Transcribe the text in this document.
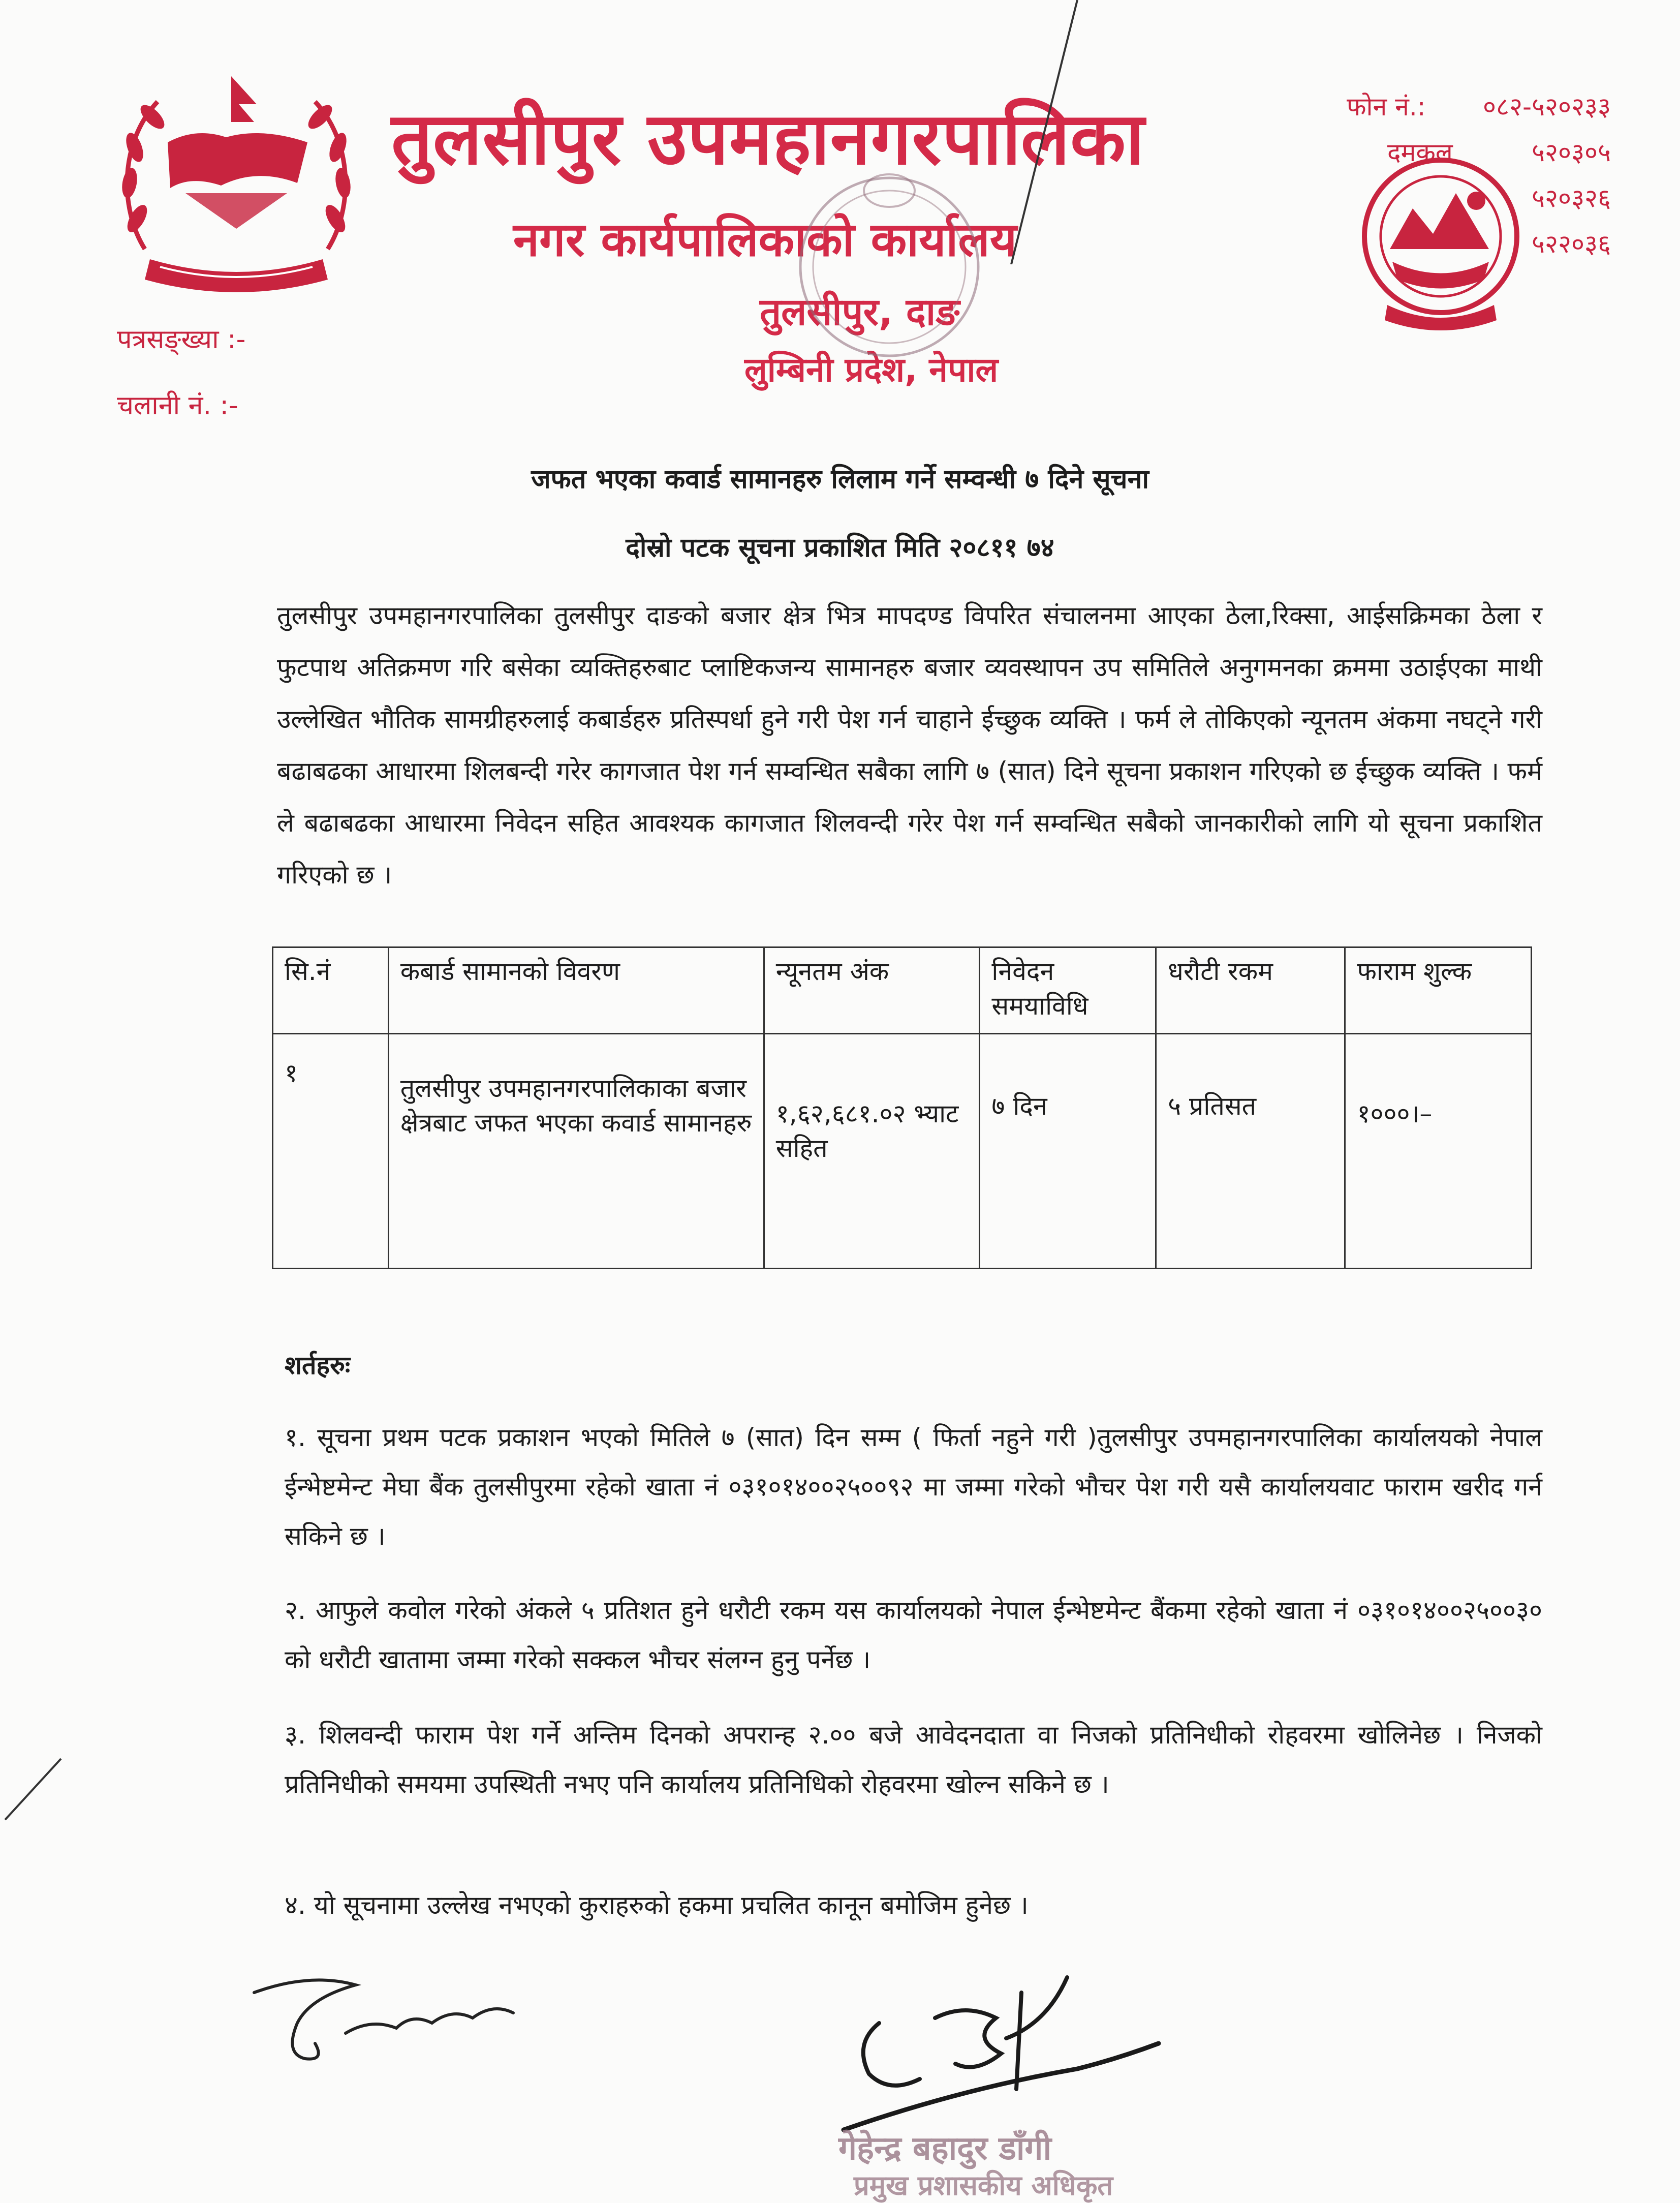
तुलसीपुर उपमहानगरपालिका
नगर कार्यपालिकाको कार्यालय
तुलसीपुर, दाङ
लुम्बिनी प्रदेश, नेपाल
फोन नं.: ०८२-५२०२३३
दमकल	५२०३०५
५२०३२६
५२२०३६
पत्रसङ्ख्या :-
चलानी नं. :-
जफत भएका कवार्ड सामानहरु लिलाम गर्ने सम्वन्धी ७ दिने सूचना
दोस्रो पटक सूचना प्रकाशित मिति २०८११ ७४
तुलसीपुर उपमहानगरपालिका तुलसीपुर दाङको बजार क्षेत्र भित्र मापदण्ड विपरित संचालनमा आएका ठेला,रिक्सा, आईसक्रिमका ठेला र फुटपाथ अतिक्रमण गरि बसेका व्यक्तिहरुबाट प्लाष्टिकजन्य सामानहरु बजार व्यवस्थापन उप समितिले अनुगमनका क्रममा उठाईएका माथी उल्लेखित भौतिक सामग्रीहरुलाई कबार्डहरु प्रतिस्पर्धा हुने गरी पेश गर्न चाहाने ईच्छुक व्यक्ति । फर्म ले तोकिएको न्यूनतम अंकमा नघट्ने गरी बढाबढका आधारमा शिलबन्दी गरेर कागजात पेश गर्न सम्वन्धित सबैका लागि ७ (सात) दिने सूचना प्रकाशन गरिएको छ ईच्छुक व्यक्ति । फर्म ले बढाबढका आधारमा निवेदन सहित आवश्यक कागजात शिलवन्दी गरेर पेश गर्न सम्वन्धित सबैको जानकारीको लागि यो सूचना प्रकाशित गरिएको छ ।
सि.नं	कबार्ड सामानको विवरण	न्यूनतम अंक	निवेदन समयाविधि	धरौटी रकम	फाराम शुल्क
१	तुलसीपुर उपमहानगरपालिकाका बजार क्षेत्रबाट जफत भएका कवार्ड सामानहरु	१,६२,६८१.०२ भ्याट सहित	७ दिन	५ प्रतिसत	१०००।–
शर्तहरुः
१. सूचना प्रथम पटक प्रकाशन भएको मितिले ७ (सात) दिन सम्म ( फिर्ता नहुने गरी )तुलसीपुर उपमहानगरपालिका कार्यालयको नेपाल ईन्भेष्टमेन्ट मेघा बैंक तुलसीपुरमा रहेको खाता नं ०३१०१४००२५००९२ मा जम्मा गरेको भौचर पेश गरी यसै कार्यालयवाट फाराम खरीद गर्न सकिने छ ।
२. आफुले कवोल गरेको अंकले ५ प्रतिशत हुने धरौटी रकम यस कार्यालयको नेपाल ईन्भेष्टमेन्ट बैंकमा रहेको खाता नं ०३१०१४००२५००३० को धरौटी खातामा जम्मा गरेको सक्कल भौचर संलग्न हुनु पर्नेछ ।
३. शिलवन्दी फाराम पेश गर्ने अन्तिम दिनको अपरान्ह २.०० बजे आवेदनदाता वा निजको प्रतिनिधीको रोहवरमा खोलिनेछ । निजको प्रतिनिधीको समयमा उपस्थिती नभए पनि कार्यालय प्रतिनिधिको रोहवरमा खोल्न सकिने छ ।
४. यो सूचनामा उल्लेख नभएको कुराहरुको हकमा प्रचलित कानून बमोजिम हुनेछ ।
गेहेन्द्र बहादुर डाँगी
प्रमुख प्रशासकीय अधिकृत
